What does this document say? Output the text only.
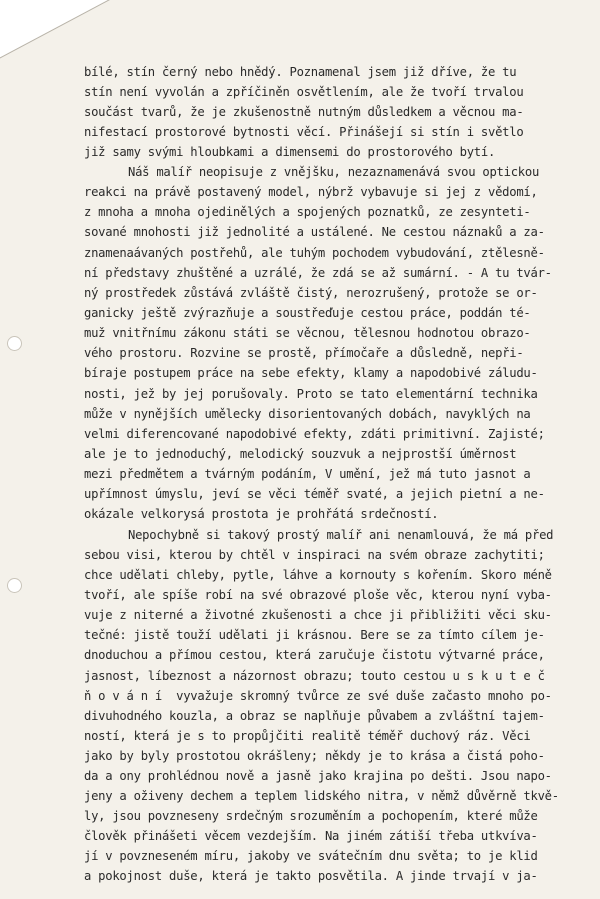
bílé, stín černý nebo hnědý. Poznamenal jsem již dříve, že tu
stín není vyvolán a zpříčiněn osvětlením, ale že tvoří trvalou
součást tvarů, že je zkušenostně nutným důsledkem a věcnou ma-
nifestací prostorové bytnosti věcí. Přinášejí si stín i světlo
již samy svými hloubkami a dimensemi do prostorového bytí.
Náš malíř neopisuje z vnějšku, nezaznamenává svou optickou
reakci na právě postavený model, nýbrž vybavuje si jej z vědomí,
z mnoha a mnoha ojedinělých a spojených poznatků, ze zesynteti-
sované mnohosti již jednolité a ustálené. Ne cestou náznaků a za-
znamenaávaných postřehů, ale tuhým pochodem vybudování, ztělesně-
ní představy zhuštěné a uzrálé, že zdá se až sumární. - A tu tvár-
ný prostředek zůstává zvláště čistý, nerozrušený, protože se or-
ganicky ještě zvýrazňuje a soustřeďuje cestou práce, poddán té-
muž vnitřnímu zákonu státi se věcnou, tělesnou hodnotou obrazo-
vého prostoru. Rozvine se prostě, přímočaře a důsledně, nepři-
bíraje postupem práce na sebe efekty, klamy a napodobivé záludu-
nosti, jež by jej porušovaly. Proto se tato elementární technika
může v nynějších umělecky disorientovaných dobách, navyklých na
velmi diferencované napodobivé efekty, zdáti primitivní. Zajisté;
ale je to jednoduchý, melodický souzvuk a nejprostší úměrnost
mezi předmětem a tvárným podáním, V umění, jež má tuto jasnot a
upřímnost úmyslu, jeví se věci téměř svaté, a jejich pietní a ne-
okázale velkorysá prostota je prohřátá srdečností.
Nepochybně si takový prostý malíř ani nenamlouvá, že má před
sebou visi, kterou by chtěl v inspiraci na svém obraze zachytiti;
chce udělati chleby, pytle, láhve a kornouty s kořením. Skoro méně
tvoří, ale spíše robí na své obrazové ploše věc, kterou nyní vyba-
vuje z niterné a životné zkušenosti a chce ji přibližiti věci sku-
tečné: jistě touží udělati ji krásnou. Bere se za tímto cílem je-
dnoduchou a přímou cestou, která zaručuje čistotu výtvarné práce,
jasnost, líbeznost a názornost obrazu; touto cestou u s k u t e č
ň o v á n í  vyvažuje skromný tvůrce ze své duše začasto mnoho po-
divuhodného kouzla, a obraz se naplňuje půvabem a zvláštní tajem-
ností, která je s to propůjčiti realitě téměř duchový ráz. Věci
jako by byly prostotou okrášleny; někdy je to krása a čistá poho-
da a ony prohlédnou nově a jasně jako krajina po dešti. Jsou napo-
jeny a oživeny dechem a teplem lidského nitra, v němž důvěrně tkvě-
ly, jsou povzneseny srdečným srozuměním a pochopením, které může
člověk přinášeti věcem vezdejším. Na jiném zátiší třeba utkvíva-
jí v povzneseném míru, jakoby ve svátečním dnu světa; to je klid
a pokojnost duše, která je takto posvětila. A jinde trvají v ja-
